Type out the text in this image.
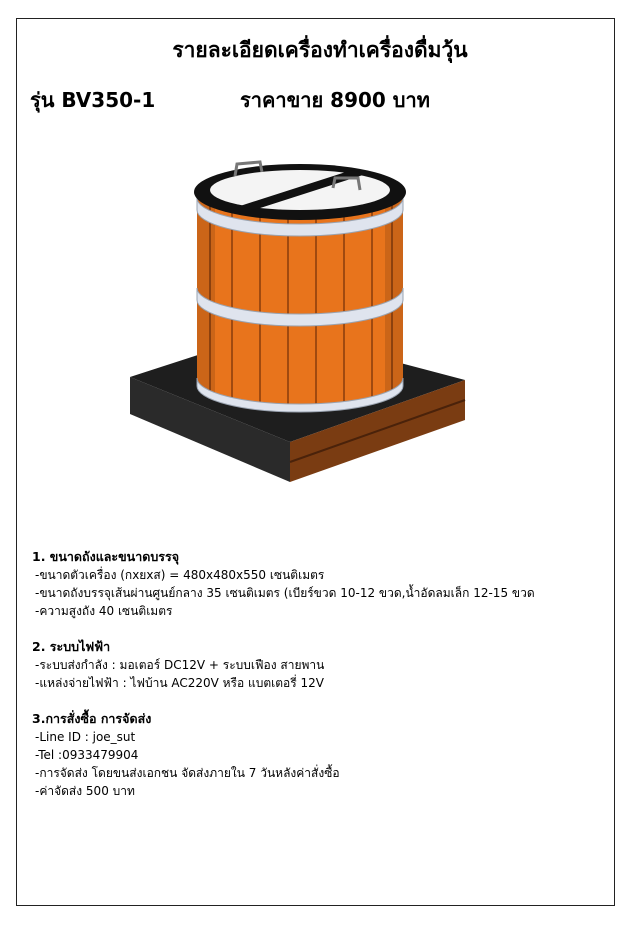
รายละเอียดเครื่องทำเครื่องดื่มวุ้น
รุ่น BV350-1	ราคาขาย 8900 บาท
1. ขนาดถังและขนาดบรรจุ

-ขนาดตัวเครื่อง (กxยxส) = 480x480x550 เซนติเมตร

-ขนาดถังบรรจุเส้นผ่านศูนย์กลาง 35 เซนติเมตร (เบียร์ขวด 10-12 ขวด,น้ำอัดลมเล็ก 12-15 ขวด

-ความสูงถัง 40 เซนติเมตร

2. ระบบไฟฟ้า

-ระบบส่งกำลัง : มอเตอร์ DC12V + ระบบเฟือง สายพาน

-แหล่งจ่ายไฟฟ้า : ไฟบ้าน AC220V หรือ แบตเตอรี่ 12V

3.การสั่งซื้อ การจัดส่ง

-Line ID : joe_sut

-Tel :0933479904

-การจัดส่ง โดยขนส่งเอกชน จัดส่งภายใน 7 วันหลังค่าสั่งซื้อ

-ค่าจัดส่ง 500 บาท
